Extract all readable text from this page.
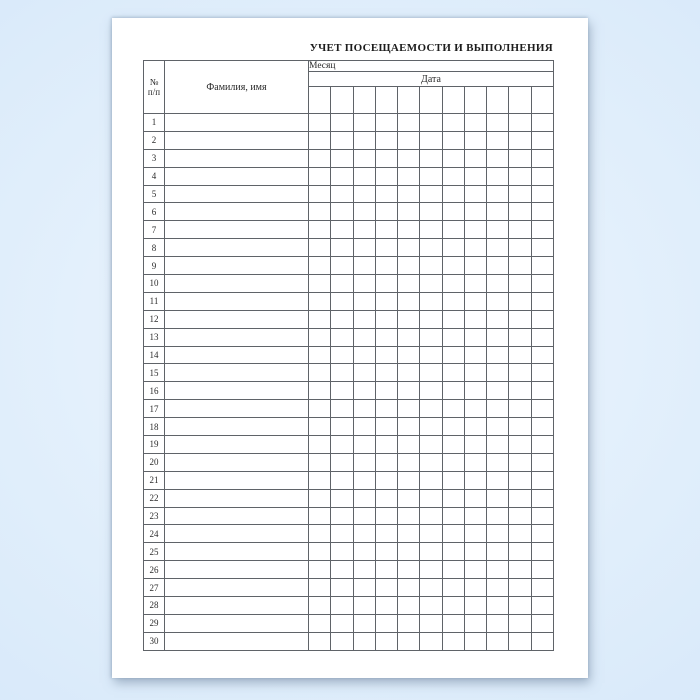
УЧЕТ ПОСЕЩАЕМОСТИ И ВЫПОЛНЕНИЯ
№
п/п	Фамилия, имя	Месяц										
		Дата										

1												
2												
3												
4												
5												
6												
7												
8												
9												
10												
11												
12												
13												
14												
15												
16												
17												
18												
19												
20												
21												
22												
23												
24												
25												
26												
27												
28												
29												
30												
